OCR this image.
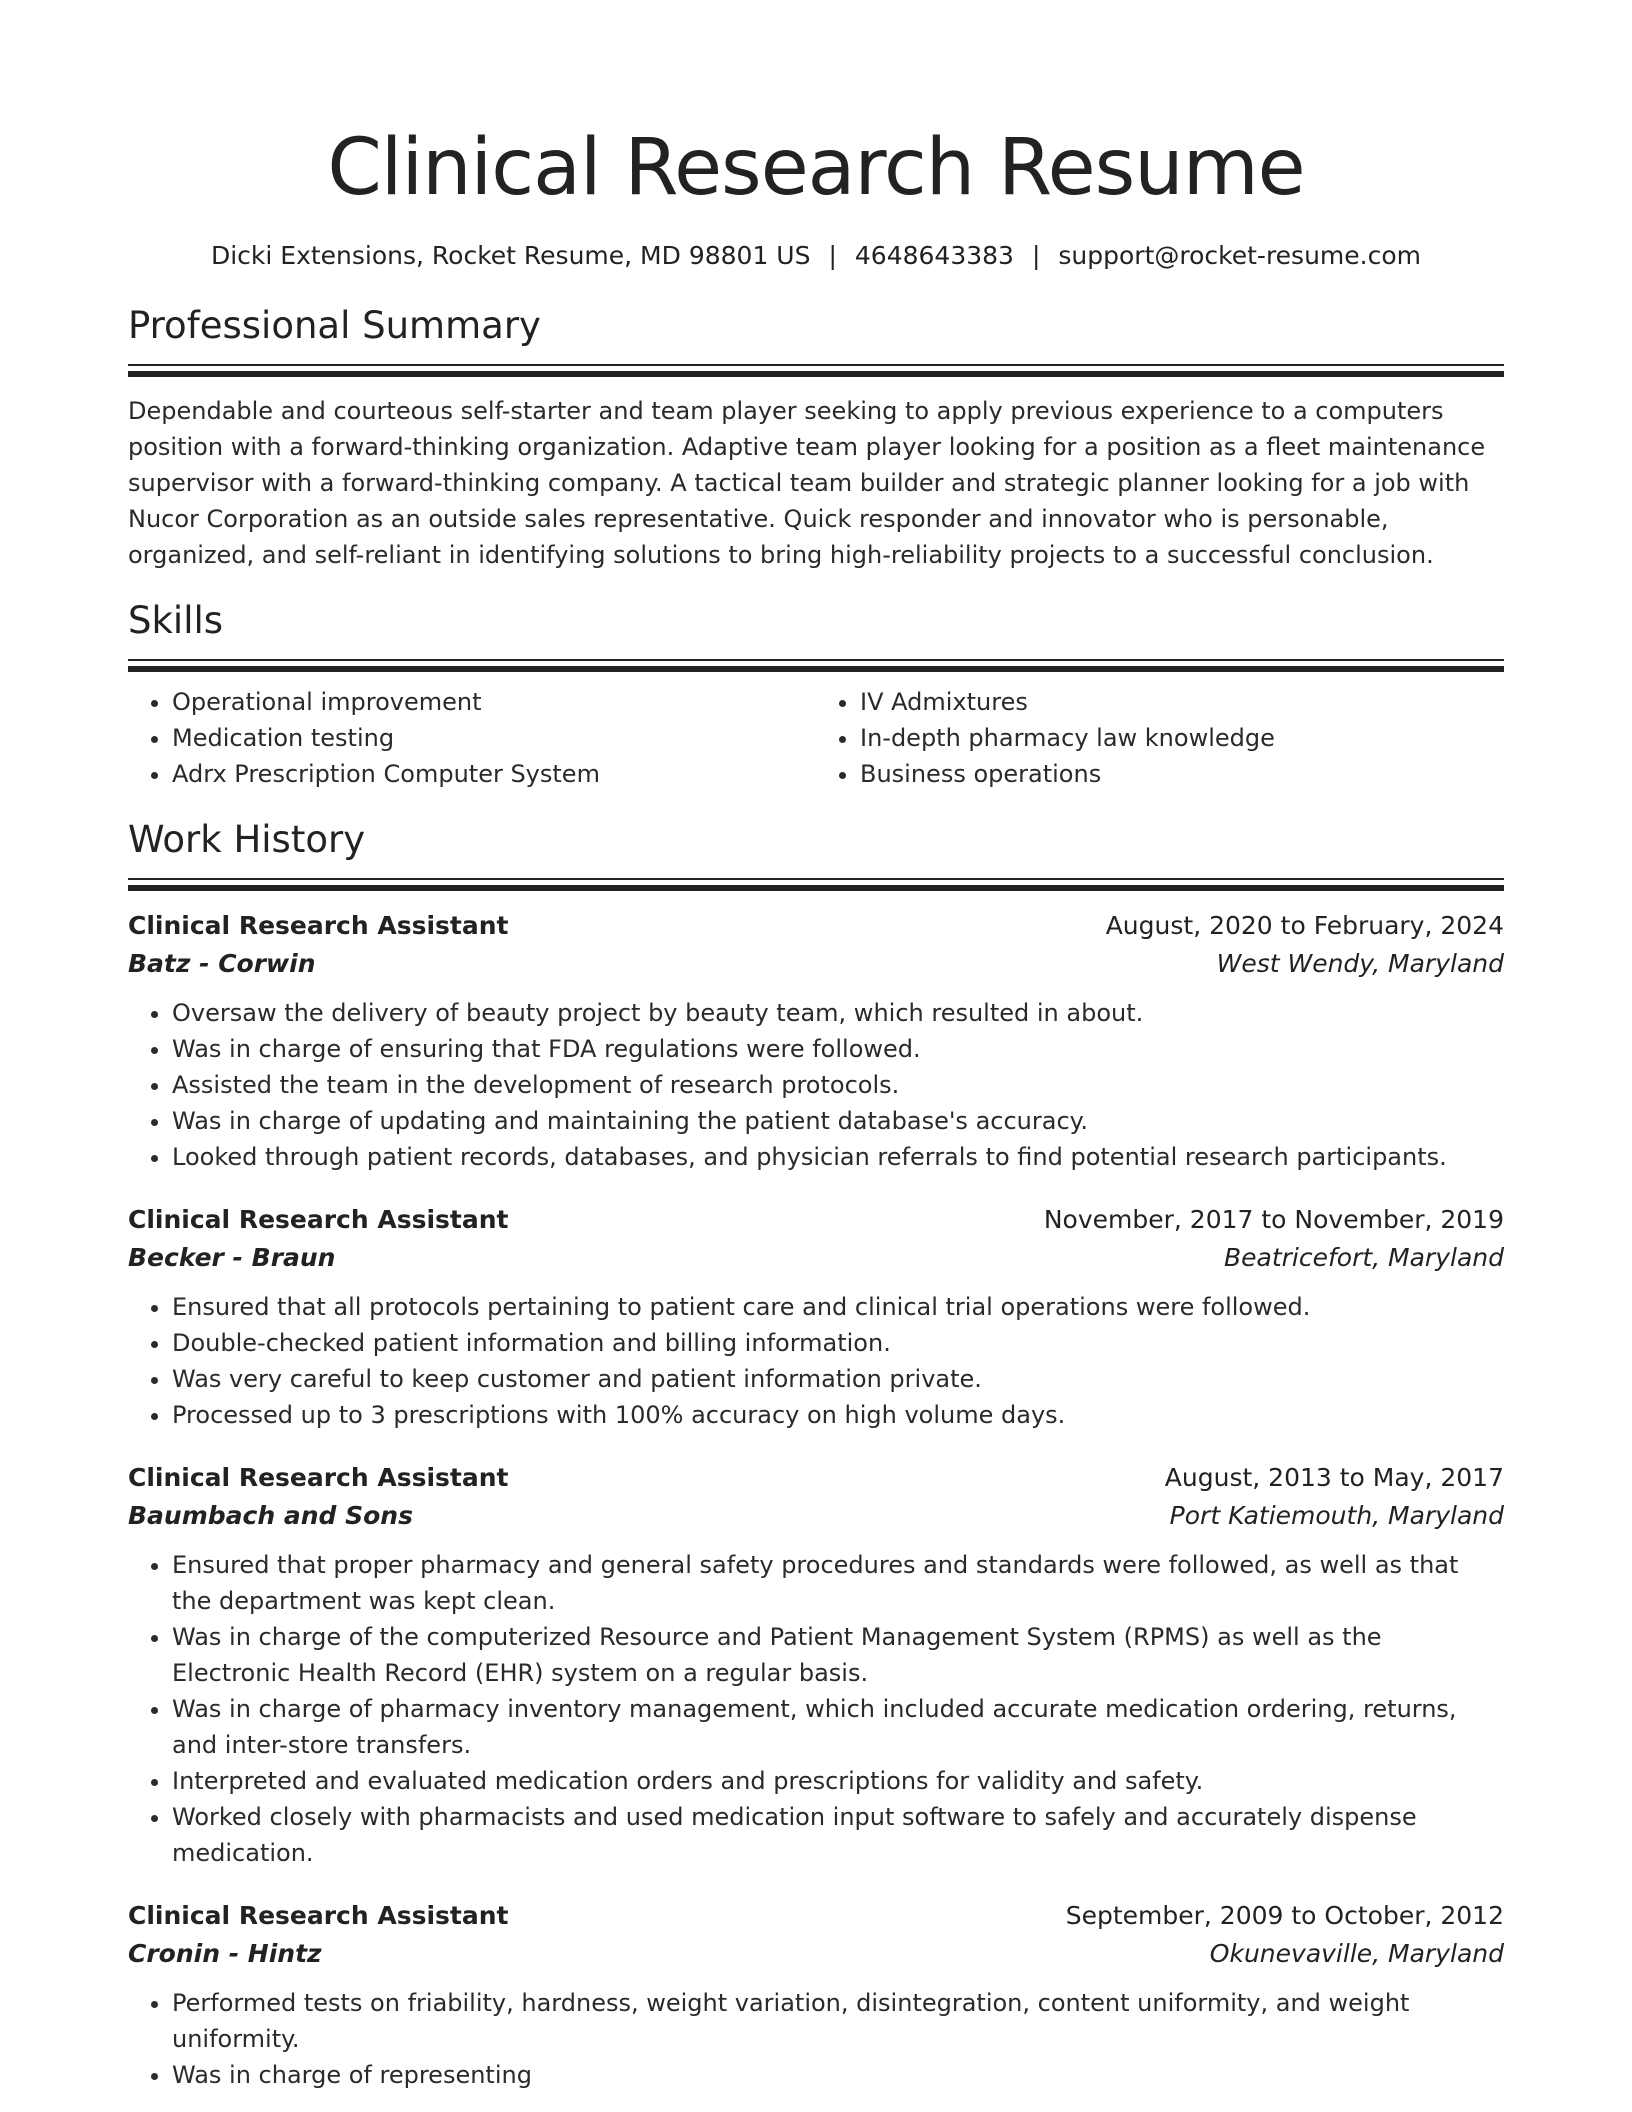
Clinical Research Resume
Dicki Extensions, Rocket Resume, MD 98801 US | 4648643383 | support@rocket-resume.com
Professional Summary

Dependable and courteous self-starter and team player seeking to apply previous experience to a computers position with a forward-thinking organization. Adaptive team player looking for a position as a fleet maintenance supervisor with a forward-thinking company. A tactical team builder and strategic planner looking for a job with Nucor Corporation as an outside sales representative. Quick responder and innovator who is personable, organized, and self-reliant in identifying solutions to bring high-reliability projects to a successful conclusion.

Skills
• Operational improvement
• Medication testing
• Adrx Prescription Computer System
• IV Admixtures
• In-depth pharmacy law knowledge
• Business operations
Work History
Clinical Research Assistant	August, 2020 to February, 2024
Batz - Corwin	West Wendy, Maryland
• Oversaw the delivery of beauty project by beauty team, which resulted in about.
• Was in charge of ensuring that FDA regulations were followed.
• Assisted the team in the development of research protocols.
• Was in charge of updating and maintaining the patient database's accuracy.
• Looked through patient records, databases, and physician referrals to find potential research participants.
Clinical Research Assistant	November, 2017 to November, 2019
Becker - Braun	Beatricefort, Maryland
• Ensured that all protocols pertaining to patient care and clinical trial operations were followed.
• Double-checked patient information and billing information.
• Was very careful to keep customer and patient information private.
• Processed up to 3 prescriptions with 100% accuracy on high volume days.
Clinical Research Assistant	August, 2013 to May, 2017
Baumbach and Sons	Port Katiemouth, Maryland
• Ensured that proper pharmacy and general safety procedures and standards were followed, as well as that the department was kept clean.
• Was in charge of the computerized Resource and Patient Management System (RPMS) as well as the Electronic Health Record (EHR) system on a regular basis.
• Was in charge of pharmacy inventory management, which included accurate medication ordering, returns, and inter-store transfers.
• Interpreted and evaluated medication orders and prescriptions for validity and safety.
• Worked closely with pharmacists and used medication input software to safely and accurately dispense medication.
Clinical Research Assistant	September, 2009 to October, 2012
Cronin - Hintz	Okunevaville, Maryland
• Performed tests on friability, hardness, weight variation, disintegration, content uniformity, and weight uniformity.
• Was in charge of representing
